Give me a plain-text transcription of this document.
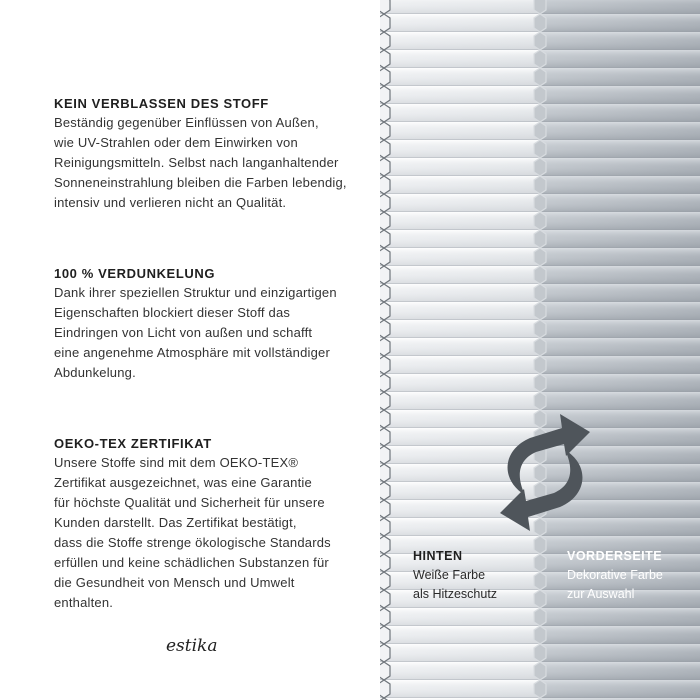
KEIN VERBLASSEN DES STOFF

Beständig gegenüber Einflüssen von Außen,
wie UV-Strahlen oder dem Einwirken von
Reinigungsmitteln. Selbst nach langanhaltender
Sonneneinstrahlung bleiben die Farben lebendig,
intensiv und verlieren nicht an Qualität.

100 % VERDUNKELUNG

Dank ihrer speziellen Struktur und einzigartigen
Eigenschaften blockiert dieser Stoff das
Eindringen von Licht von außen und schafft
eine angenehme Atmosphäre mit vollständiger
Abdunkelung.

OEKO-TEX ZERTIFIKAT

Unsere Stoffe sind mit dem OEKO-TEX®
Zertifikat ausgezeichnet, was eine Garantie
für höchste Qualität und Sicherheit für unsere
Kunden darstellt. Das Zertifikat bestätigt,
dass die Stoffe strenge ökologische Standards
erfüllen und keine schädlichen Substanzen für
die Gesundheit von Mensch und Umwelt
enthalten.

estika
HINTEN
Weiße Farbe
als Hitzeschutz
VORDERSEITE
Dekorative Farbe
zur Auswahl
